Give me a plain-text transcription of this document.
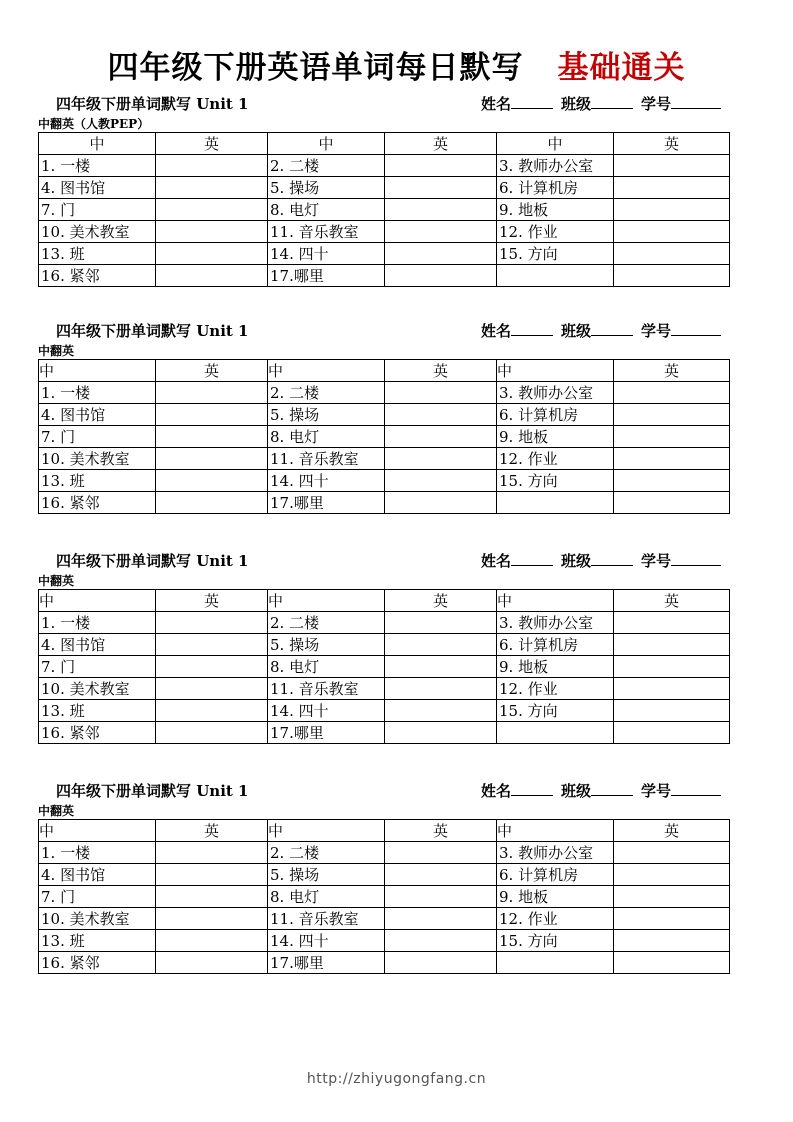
四年级下册英语单词每日默写 基础通关
四年级下册单词默写 Unit 1	姓名	班级	学号
中翻英（人教PEP）
中	英	中	英	中	英
1. 一楼		2. 二楼		3. 教师办公室	
4. 图书馆		5. 操场		6. 计算机房	
7. 门		8. 电灯		9. 地板	
10. 美术教室		11. 音乐教室		12. 作业	
13. 班		14. 四十		15. 方向	
16. 紧邻		17.哪里			
四年级下册单词默写 Unit 1	姓名	班级	学号
中翻英
中	英	中	英	中	英
1. 一楼		2. 二楼		3. 教师办公室	
4. 图书馆		5. 操场		6. 计算机房	
7. 门		8. 电灯		9. 地板	
10. 美术教室		11. 音乐教室		12. 作业	
13. 班		14. 四十		15. 方向	
16. 紧邻		17.哪里			
四年级下册单词默写 Unit 1	姓名	班级	学号
中翻英
中	英	中	英	中	英
1. 一楼		2. 二楼		3. 教师办公室	
4. 图书馆		5. 操场		6. 计算机房	
7. 门		8. 电灯		9. 地板	
10. 美术教室		11. 音乐教室		12. 作业	
13. 班		14. 四十		15. 方向	
16. 紧邻		17.哪里			
四年级下册单词默写 Unit 1	姓名	班级	学号
中翻英
中	英	中	英	中	英
1. 一楼		2. 二楼		3. 教师办公室	
4. 图书馆		5. 操场		6. 计算机房	
7. 门		8. 电灯		9. 地板	
10. 美术教室		11. 音乐教室		12. 作业	
13. 班		14. 四十		15. 方向	
16. 紧邻		17.哪里			
http://zhiyugongfang.cn
